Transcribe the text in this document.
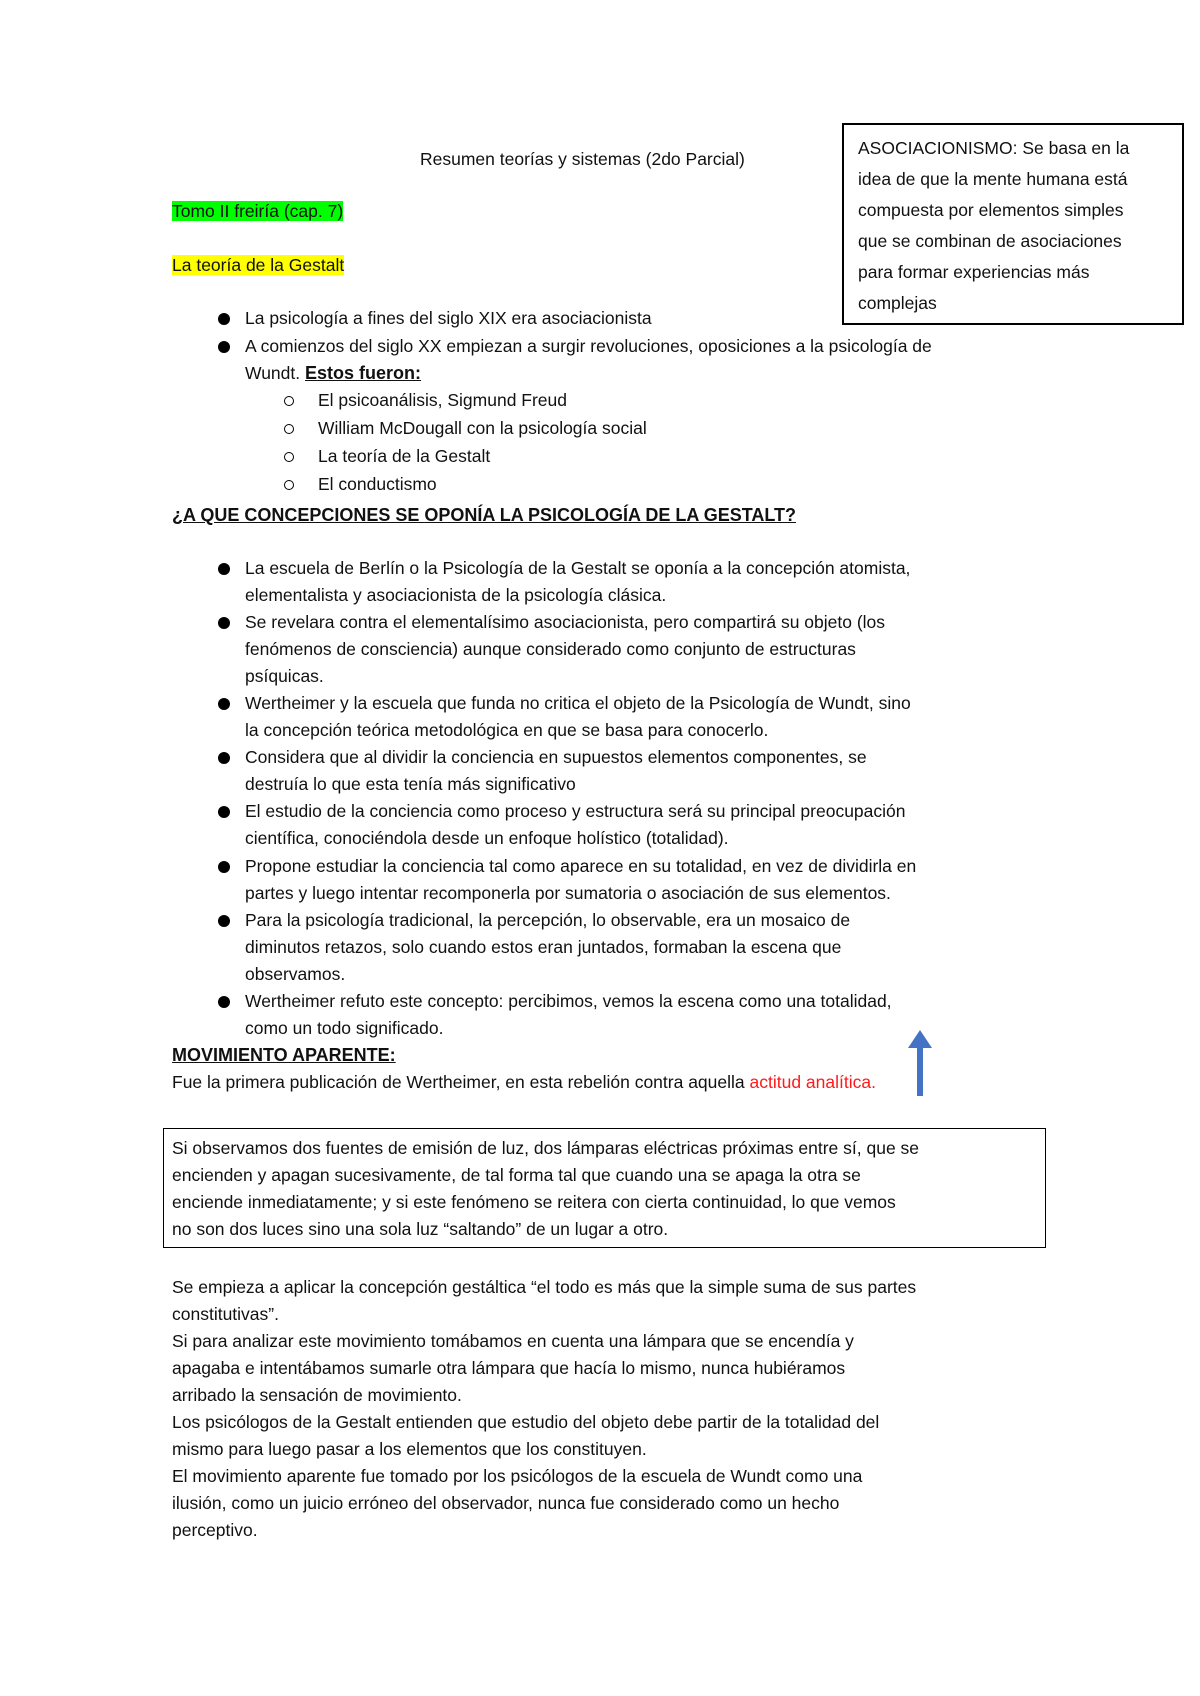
Resumen teorías y sistemas (2do Parcial)
ASOCIACIONISMO: Se basa en la
idea de que la mente humana está
compuesta por elementos simples
que se combinan de asociaciones
para formar experiencias más
complejas
Tomo II freiría (cap. 7)
La teoría de la Gestalt
La psicología a fines del siglo XIX era asociacionista
A comienzos del siglo XX empiezan a surgir revoluciones, oposiciones a la psicología de
Wundt. Estos fueron:
El psicoanálisis, Sigmund Freud
William McDougall con la psicología social
La teoría de la Gestalt
El conductismo
¿A QUE CONCEPCIONES SE OPONÍA LA PSICOLOGÍA DE LA GESTALT?
La escuela de Berlín o la Psicología de la Gestalt se oponía a la concepción atomista,
elementalista y asociacionista de la psicología clásica.
Se revelara contra el elementalísimo asociacionista, pero compartirá su objeto (los
fenómenos de consciencia) aunque considerado como conjunto de estructuras
psíquicas.
Wertheimer y la escuela que funda no critica el objeto de la Psicología de Wundt, sino
la concepción teórica metodológica en que se basa para conocerlo.
Considera que al dividir la conciencia en supuestos elementos componentes, se
destruía lo que esta tenía más significativo
El estudio de la conciencia como proceso y estructura será su principal preocupación
científica, conociéndola desde un enfoque holístico (totalidad).
Propone estudiar la conciencia tal como aparece en su totalidad, en vez de dividirla en
partes y luego intentar recomponerla por sumatoria o asociación de sus elementos.
Para la psicología tradicional, la percepción, lo observable, era un mosaico de
diminutos retazos, solo cuando estos eran juntados, formaban la escena que
observamos.
Wertheimer refuto este concepto: percibimos, vemos la escena como una totalidad,
como un todo significado.
MOVIMIENTO APARENTE:
Fue la primera publicación de Wertheimer, en esta rebelión contra aquella actitud analítica.
Si observamos dos fuentes de emisión de luz, dos lámparas eléctricas próximas entre sí, que se
encienden y apagan sucesivamente, de tal forma tal que cuando una se apaga la otra se
enciende inmediatamente; y si este fenómeno se reitera con cierta continuidad, lo que vemos
no son dos luces sino una sola luz “saltando” de un lugar a otro.
Se empieza a aplicar la concepción gestáltica “el todo es más que la simple suma de sus partes
constitutivas”.
Si para analizar este movimiento tomábamos en cuenta una lámpara que se encendía y
apagaba e intentábamos sumarle otra lámpara que hacía lo mismo, nunca hubiéramos
arribado la sensación de movimiento.
Los psicólogos de la Gestalt entienden que estudio del objeto debe partir de la totalidad del
mismo para luego pasar a los elementos que los constituyen.
El movimiento aparente fue tomado por los psicólogos de la escuela de Wundt como una
ilusión, como un juicio erróneo del observador, nunca fue considerado como un hecho
perceptivo.
